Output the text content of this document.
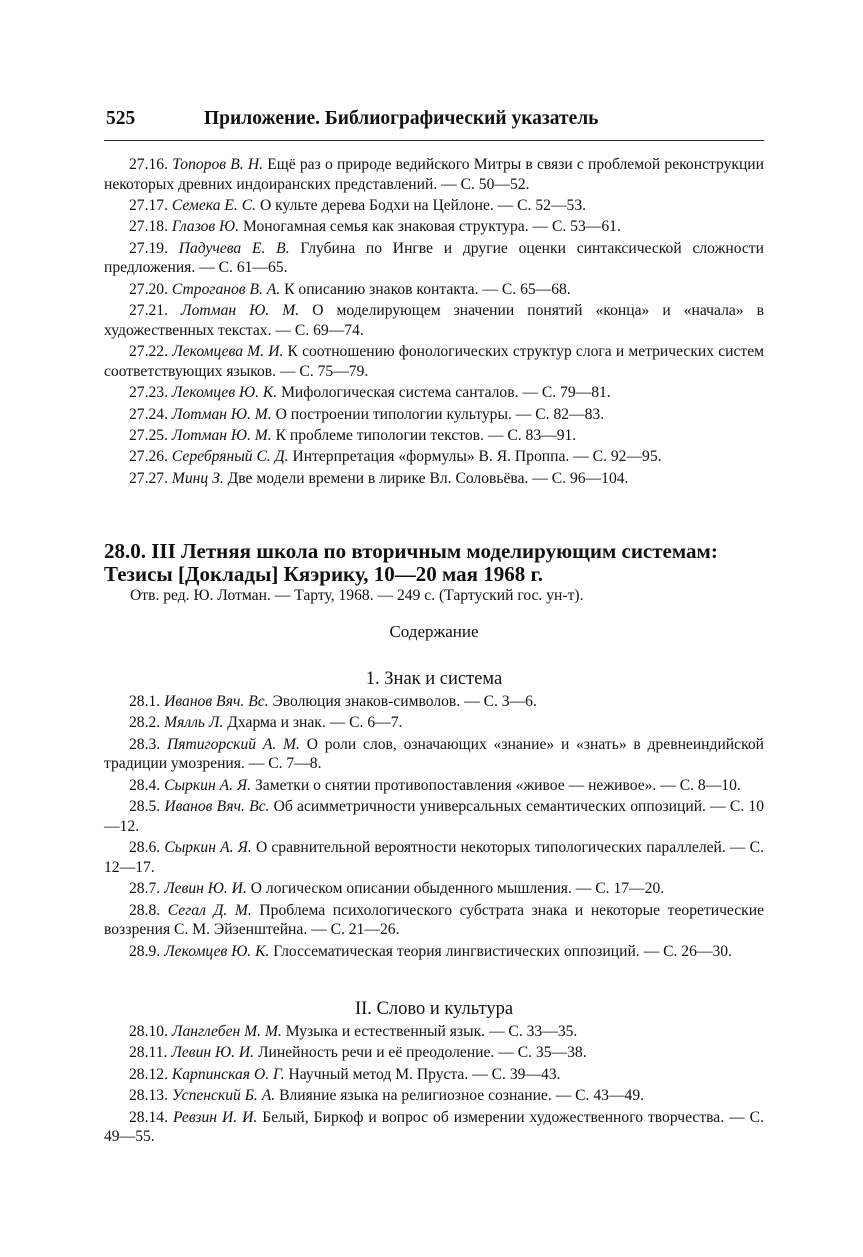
525	Приложение. Библиографический указатель

27.16. Топоров В. Н. Ещё раз о природе ведийского Митры в связи с проблемой реконструкции некоторых древних индоиранских представлений. — С. 50—52.

27.17. Семека Е. С. О культе дерева Бодхи на Цейлоне. — С. 52—53.

27.18. Глазов Ю. Моногамная семья как знаковая структура. — С. 53—61.

27.19. Падучева Е. В. Глубина по Ингве и другие оценки синтаксической сложности предложения. — С. 61—65.

27.20. Строганов В. А. К описанию знаков контакта. — С. 65—68.

27.21. Лотман Ю. М. О моделирующем значении понятий «конца» и «начала» в художественных текстах. — С. 69—74.

27.22. Лекомцева М. И. К соотношению фонологических структур слога и метрических систем соответствующих языков. — С. 75—79.

27.23. Лекомцев Ю. К. Мифологическая система санталов. — С. 79—81.

27.24. Лотман Ю. М. О построении типологии культуры. — С. 82—83.

27.25. Лотман Ю. М. К проблеме типологии текстов. — С. 83—91.

27.26. Серебряный С. Д. Интерпретация «формулы» В. Я. Проппа. — С. 92—95.

27.27. Минц З. Две модели времени в лирике Вл. Соловьёва. — С. 96—104.

28.0. III Летняя школа по вторичным моделирующим системам: Тезисы [Доклады] Кяэрику, 10—20 мая 1968 г.

Отв. ред. Ю. Лотман. — Тарту, 1968. — 249 с. (Тартуский гос. ун-т).

Содержание

1. Знак и система

28.1. Иванов Вяч. Вс. Эволюция знаков-символов. — С. 3—6.

28.2. Мялль Л. Дхарма и знак. — С. 6—7.

28.3. Пятигорский А. М. О роли слов, означающих «знание» и «знать» в древнеиндийской традиции умозрения. — С. 7—8.

28.4. Сыркин А. Я. Заметки о снятии противопоставления «живое — неживое». — С. 8—10.

28.5. Иванов Вяч. Вс. Об асимметричности универсальных семантических оппозиций. — С. 10—12.

28.6. Сыркин А. Я. О сравнительной вероятности некоторых типологических параллелей. — С. 12—17.

28.7. Левин Ю. И. О логическом описании обыденного мышления. — С. 17—20.

28.8. Сегал Д. М. Проблема психологического субстрата знака и некоторые теоретические воззрения С. М. Эйзенштейна. — С. 21—26.

28.9. Лекомцев Ю. К. Глоссематическая теория лингвистических оппозиций. — С. 26—30.

II. Слово и культура

28.10. Ланглебен М. М. Музыка и естественный язык. — С. 33—35.

28.11. Левин Ю. И. Линейность речи и её преодоление. — С. 35—38.

28.12. Карпинская О. Г. Научный метод М. Пруста. — С. 39—43.

28.13. Успенский Б. А. Влияние языка на религиозное сознание. — С. 43—49.

28.14. Ревзин И. И. Белый, Биркоф и вопрос об измерении художественного творчества. — С. 49—55.
